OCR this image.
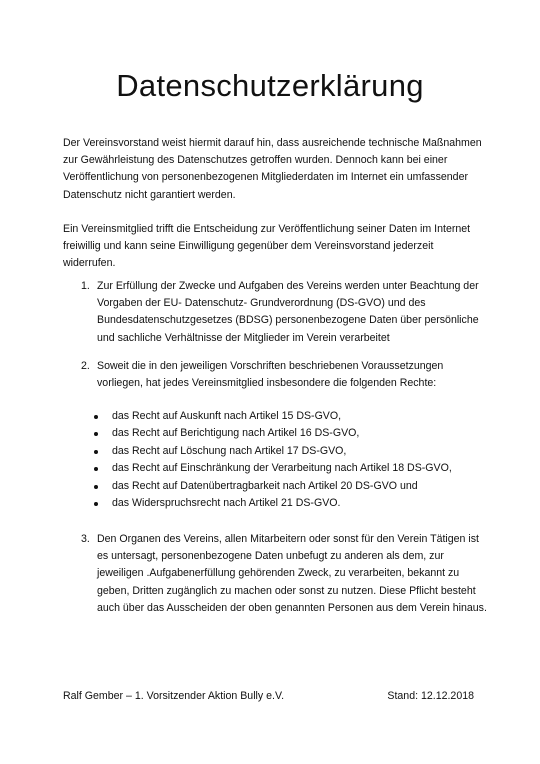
Datenschutzerklärung
Der Vereinsvorstand weist hiermit darauf hin, dass ausreichende technische Maßnahmen zur Gewährleistung des Datenschutzes getroffen wurden. Dennoch kann bei einer Veröffentlichung von personenbezogenen Mitgliederdaten im Internet ein umfassender Datenschutz nicht garantiert werden.
Ein Vereinsmitglied trifft die Entscheidung zur Veröffentlichung seiner Daten im Internet freiwillig und kann seine Einwilligung gegenüber dem Vereinsvorstand jederzeit widerrufen.
1. Zur Erfüllung der Zwecke und Aufgaben des Vereins werden unter Beachtung der Vorgaben der EU- Datenschutz- Grundverordnung (DS-GVO) und des Bundesdatenschutzgesetzes (BDSG) personenbezogene Daten über persönliche und sachliche Verhältnisse der Mitglieder im Verein verarbeitet
2. Soweit die in den jeweiligen Vorschriften beschriebenen Voraussetzungen vorliegen, hat jedes Vereinsmitglied insbesondere die folgenden Rechte:
das Recht auf Auskunft nach Artikel 15 DS-GVO,
das Recht auf Berichtigung nach Artikel 16 DS-GVO,
das Recht auf Löschung nach Artikel 17 DS-GVO,
das Recht auf Einschränkung der Verarbeitung nach Artikel 18 DS-GVO,
das Recht auf Datenübertragbarkeit nach Artikel 20 DS-GVO und
das Widerspruchsrecht nach Artikel 21 DS-GVO.
3. Den Organen des Vereins, allen Mitarbeitern oder sonst für den Verein Tätigen ist es untersagt, personenbezogene Daten unbefugt zu anderen als dem, zur jeweiligen .Aufgabenerfüllung gehörenden Zweck, zu verarbeiten, bekannt zu geben, Dritten zugänglich zu machen oder sonst zu nutzen. Diese Pflicht besteht auch über das Ausscheiden der oben genannten Personen aus dem Verein hinaus.
Ralf Gember – 1. Vorsitzender Aktion Bully e.V.	Stand: 12.12.2018
